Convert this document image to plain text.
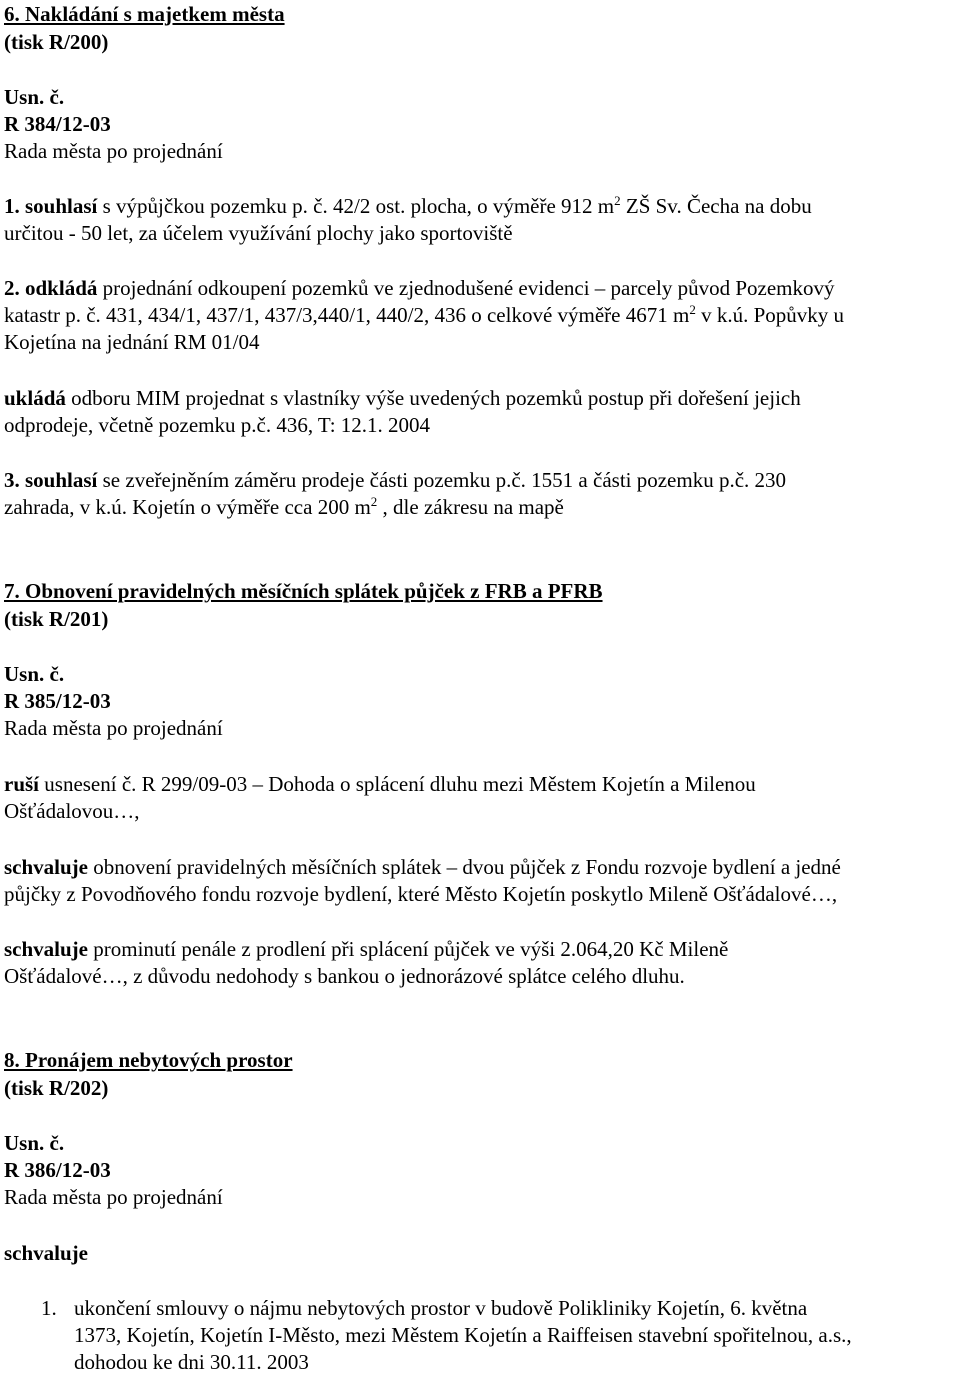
6. Nakládání s majetkem města
(tisk R/200)
Usn. č.
R 384/12-03
Rada města po projednání
1. souhlasí s výpůjčkou pozemku p. č. 42/2 ost. plocha, o výměře 912 $m^2$ ZŠ Sv. Čecha na dobu
určitou - 50 let, za účelem využívání plochy jako sportoviště
2. odkládá projednání odkoupení pozemků ve zjednodušené evidenci – parcely původ Pozemkový
katastr p. č. 431, 434/1, 437/1, 437/3,440/1, 440/2, 436 o celkové výměře 4671 $m^2$ v k.ú. Popůvky u
Kojetína na jednání RM 01/04
ukládá odboru MIM projednat s vlastníky výše uvedených pozemků postup při dořešení jejich
odprodeje, včetně pozemku p.č. 436, T: 12.1. 2004
3. souhlasí se zveřejněním záměru prodeje části pozemku p.č. 1551 a části pozemku p.č. 230
zahrada, v k.ú. Kojetín o výměře cca 200 $m^2$ , dle zákresu na mapě
7. Obnovení pravidelných měsíčních splátek půjček z FRB a PFRB
(tisk R/201)
Usn. č.
R 385/12-03
Rada města po projednání
ruší usnesení č. R 299/09-03 – Dohoda o splácení dluhu mezi Městem Kojetín a Milenou
Ošťádalovou…,
schvaluje obnovení pravidelných měsíčních splátek – dvou půjček z Fondu rozvoje bydlení a jedné
půjčky z Povodňového fondu rozvoje bydlení, které Město Kojetín poskytlo Mileně Ošťádalové…,
schvaluje prominutí penále z prodlení při splácení půjček ve výši 2.064,20 Kč Mileně
Ošťádalové…, z důvodu nedohody s bankou o jednorázové splátce celého dluhu.
8. Pronájem nebytových prostor
(tisk R/202)
Usn. č.
R 386/12-03
Rada města po projednání
schvaluje
1. ukončení smlouvy o nájmu nebytových prostor v budově Polikliniky Kojetín, 6. května
1373, Kojetín, Kojetín I-Město, mezi Městem Kojetín a Raiffeisen stavební spořitelnou, a.s.,
dohodou ke dni 30.11. 2003
